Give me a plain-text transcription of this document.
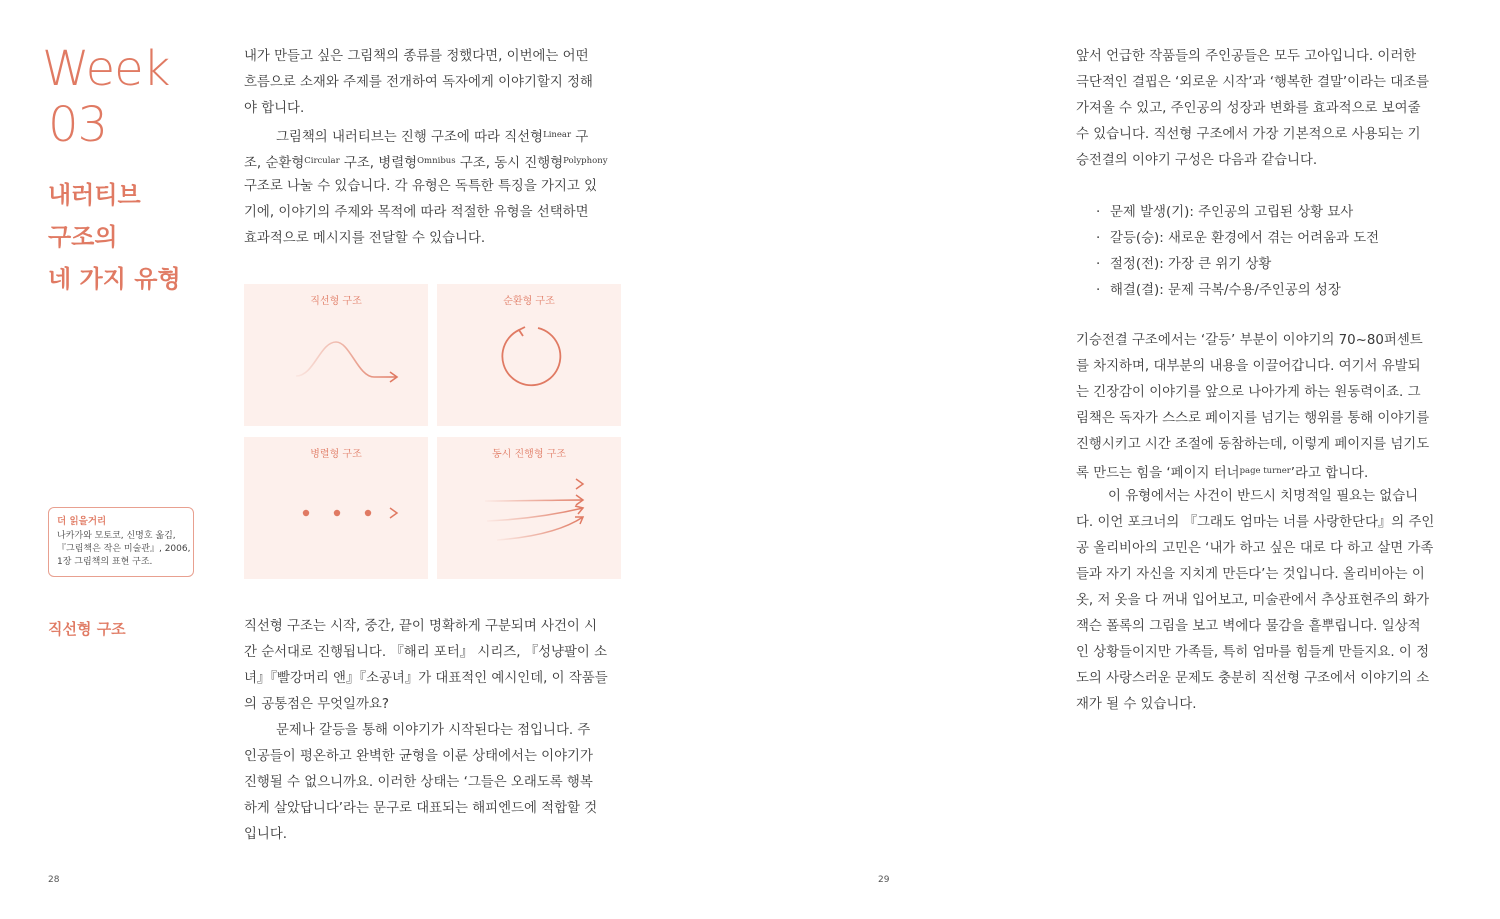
Week
03
내러티브
구조의
네 가지 유형
더 읽을거리
나카가와 모토코, 신명호 옮김,
『그림책은 작은 미술관』, 2006,
1장 그림책의 표현 구조.
직선형 구조
내가 만들고 싶은 그림책의 종류를 정했다면, 이번에는 어떤
흐름으로 소재와 주제를 전개하여 독자에게 이야기할지 정해
야 합니다.
그림책의 내러티브는 진행 구조에 따라 직선형$^{Linear}$ 구
조, 순환형$^{Circular}$ 구조, 병렬형$^{Omnibus}$ 구조, 동시 진행형$^{Polyphony}$
구조로 나눌 수 있습니다. 각 유형은 독특한 특징을 가지고 있
기에, 이야기의 주제와 목적에 따라 적절한 유형을 선택하면
효과적으로 메시지를 전달할 수 있습니다.
직선형 구조	순환형 구조
병렬형 구조	동시 진행형 구조
직선형 구조는 시작, 중간, 끝이 명확하게 구분되며 사건이 시
간 순서대로 진행됩니다. 『해리 포터』 시리즈, 『성냥팔이 소
녀』『빨강머리 앤』『소공녀』가 대표적인 예시인데, 이 작품들
의 공통점은 무엇일까요?
문제나 갈등을 통해 이야기가 시작된다는 점입니다. 주
인공들이 평온하고 완벽한 균형을 이룬 상태에서는 이야기가
진행될 수 없으니까요. 이러한 상태는 ‘그들은 오래도록 행복
하게 살았답니다’라는 문구로 대표되는 해피엔드에 적합할 것
입니다.
28
앞서 언급한 작품들의 주인공들은 모두 고아입니다. 이러한
극단적인 결핍은 ‘외로운 시작’과 ‘행복한 결말’이라는 대조를
가져올 수 있고, 주인공의 성장과 변화를 효과적으로 보여줄
수 있습니다. 직선형 구조에서 가장 기본적으로 사용되는 기
승전결의 이야기 구성은 다음과 같습니다.
· 문제 발생(기): 주인공의 고립된 상황 묘사
· 갈등(승): 새로운 환경에서 겪는 어려움과 도전
· 절정(전): 가장 큰 위기 상황
· 해결(결): 문제 극복/수용/주인공의 성장
기승전결 구조에서는 ‘갈등’ 부분이 이야기의 70~80퍼센트
를 차지하며, 대부분의 내용을 이끌어갑니다. 여기서 유발되
는 긴장감이 이야기를 앞으로 나아가게 하는 원동력이죠. 그
림책은 독자가 스스로 페이지를 넘기는 행위를 통해 이야기를
진행시키고 시간 조절에 동참하는데, 이렇게 페이지를 넘기도
록 만드는 힘을 ‘페이지 터너$^{page turner}$’라고 합니다.
이 유형에서는 사건이 반드시 치명적일 필요는 없습니
다. 이언 포크너의 『그래도 엄마는 너를 사랑한단다』의 주인
공 올리비아의 고민은 ‘내가 하고 싶은 대로 다 하고 살면 가족
들과 자기 자신을 지치게 만든다’는 것입니다. 올리비아는 이
옷, 저 옷을 다 꺼내 입어보고, 미술관에서 추상표현주의 화가
잭슨 폴록의 그림을 보고 벽에다 물감을 흩뿌립니다. 일상적
인 상황들이지만 가족들, 특히 엄마를 힘들게 만들지요. 이 정
도의 사랑스러운 문제도 충분히 직선형 구조에서 이야기의 소
재가 될 수 있습니다.
29
